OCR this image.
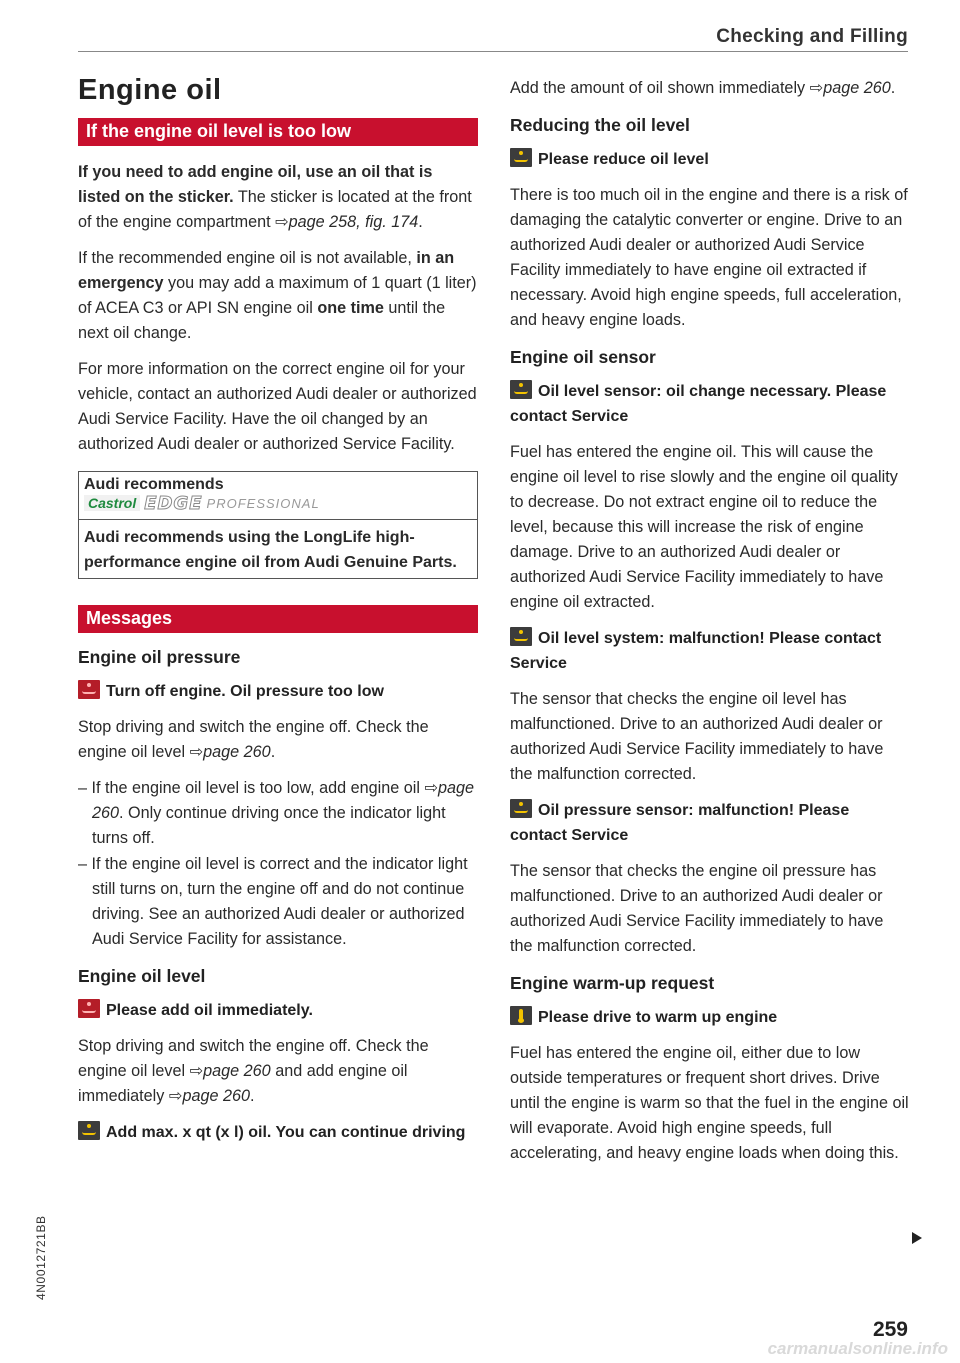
Checking and Filling
Engine oil
If the engine oil level is too low

If you need to add engine oil, use an oil that is listed on the sticker. The sticker is located at the front of the engine compartment ⇨page 258, fig. 174.

If the recommended engine oil is not available, in an emergency you may add a maximum of 1 quart (1 liter) of ACEA C3 or API SN engine oil one time until the next oil change.

For more information on the correct engine oil for your vehicle, contact an authorized Audi dealer or authorized Audi Service Facility. Have the oil changed by an authorized Audi dealer or authorized Service Facility.

Audi recommends
Castrol EDGE PROFESSIONAL
Audi recommends using the LongLife high-performance engine oil from Audi Genuine Parts.
Messages
Engine oil pressure
Turn off engine. Oil pressure too low

Stop driving and switch the engine off. Check the engine oil level ⇨page 260.

– If the engine oil level is too low, add engine oil ⇨page 260. Only continue driving once the indicator light turns off.

– If the engine oil level is correct and the indicator light still turns on, turn the engine off and do not continue driving. See an authorized Audi dealer or authorized Audi Service Facility for assistance.

Engine oil level
Please add oil immediately.

Stop driving and switch the engine off. Check the engine oil level ⇨page 260 and add engine oil immediately ⇨page 260.

Add max. x qt (x l) oil. You can continue driving

Add the amount of oil shown immediately ⇨page 260.

Reducing the oil level
Please reduce oil level

There is too much oil in the engine and there is a risk of damaging the catalytic converter or engine. Drive to an authorized Audi dealer or authorized Audi Service Facility immediately to have engine oil extracted if necessary. Avoid high engine speeds, full acceleration, and heavy engine loads.

Engine oil sensor
Oil level sensor: oil change necessary. Please contact Service

Fuel has entered the engine oil. This will cause the engine oil level to rise slowly and the engine oil quality to decrease. Do not extract engine oil to reduce the level, because this will increase the risk of engine damage. Drive to an authorized Audi dealer or authorized Audi Service Facility immediately to have engine oil extracted.

Oil level system: malfunction! Please contact Service

The sensor that checks the engine oil level has malfunctioned. Drive to an authorized Audi dealer or authorized Audi Service Facility immediately to have the malfunction corrected.

Oil pressure sensor: malfunction! Please contact Service

The sensor that checks the engine oil pressure has malfunctioned. Drive to an authorized Audi dealer or authorized Audi Service Facility immediately to have the malfunction corrected.

Engine warm-up request
Please drive to warm up engine

Fuel has entered the engine oil, either due to low outside temperatures or frequent short drives. Drive until the engine is warm so that the fuel in the engine oil will evaporate. Avoid high engine speeds, full accelerating, and heavy engine loads when doing this.

259
4N0012721BB
carmanualsonline.info
